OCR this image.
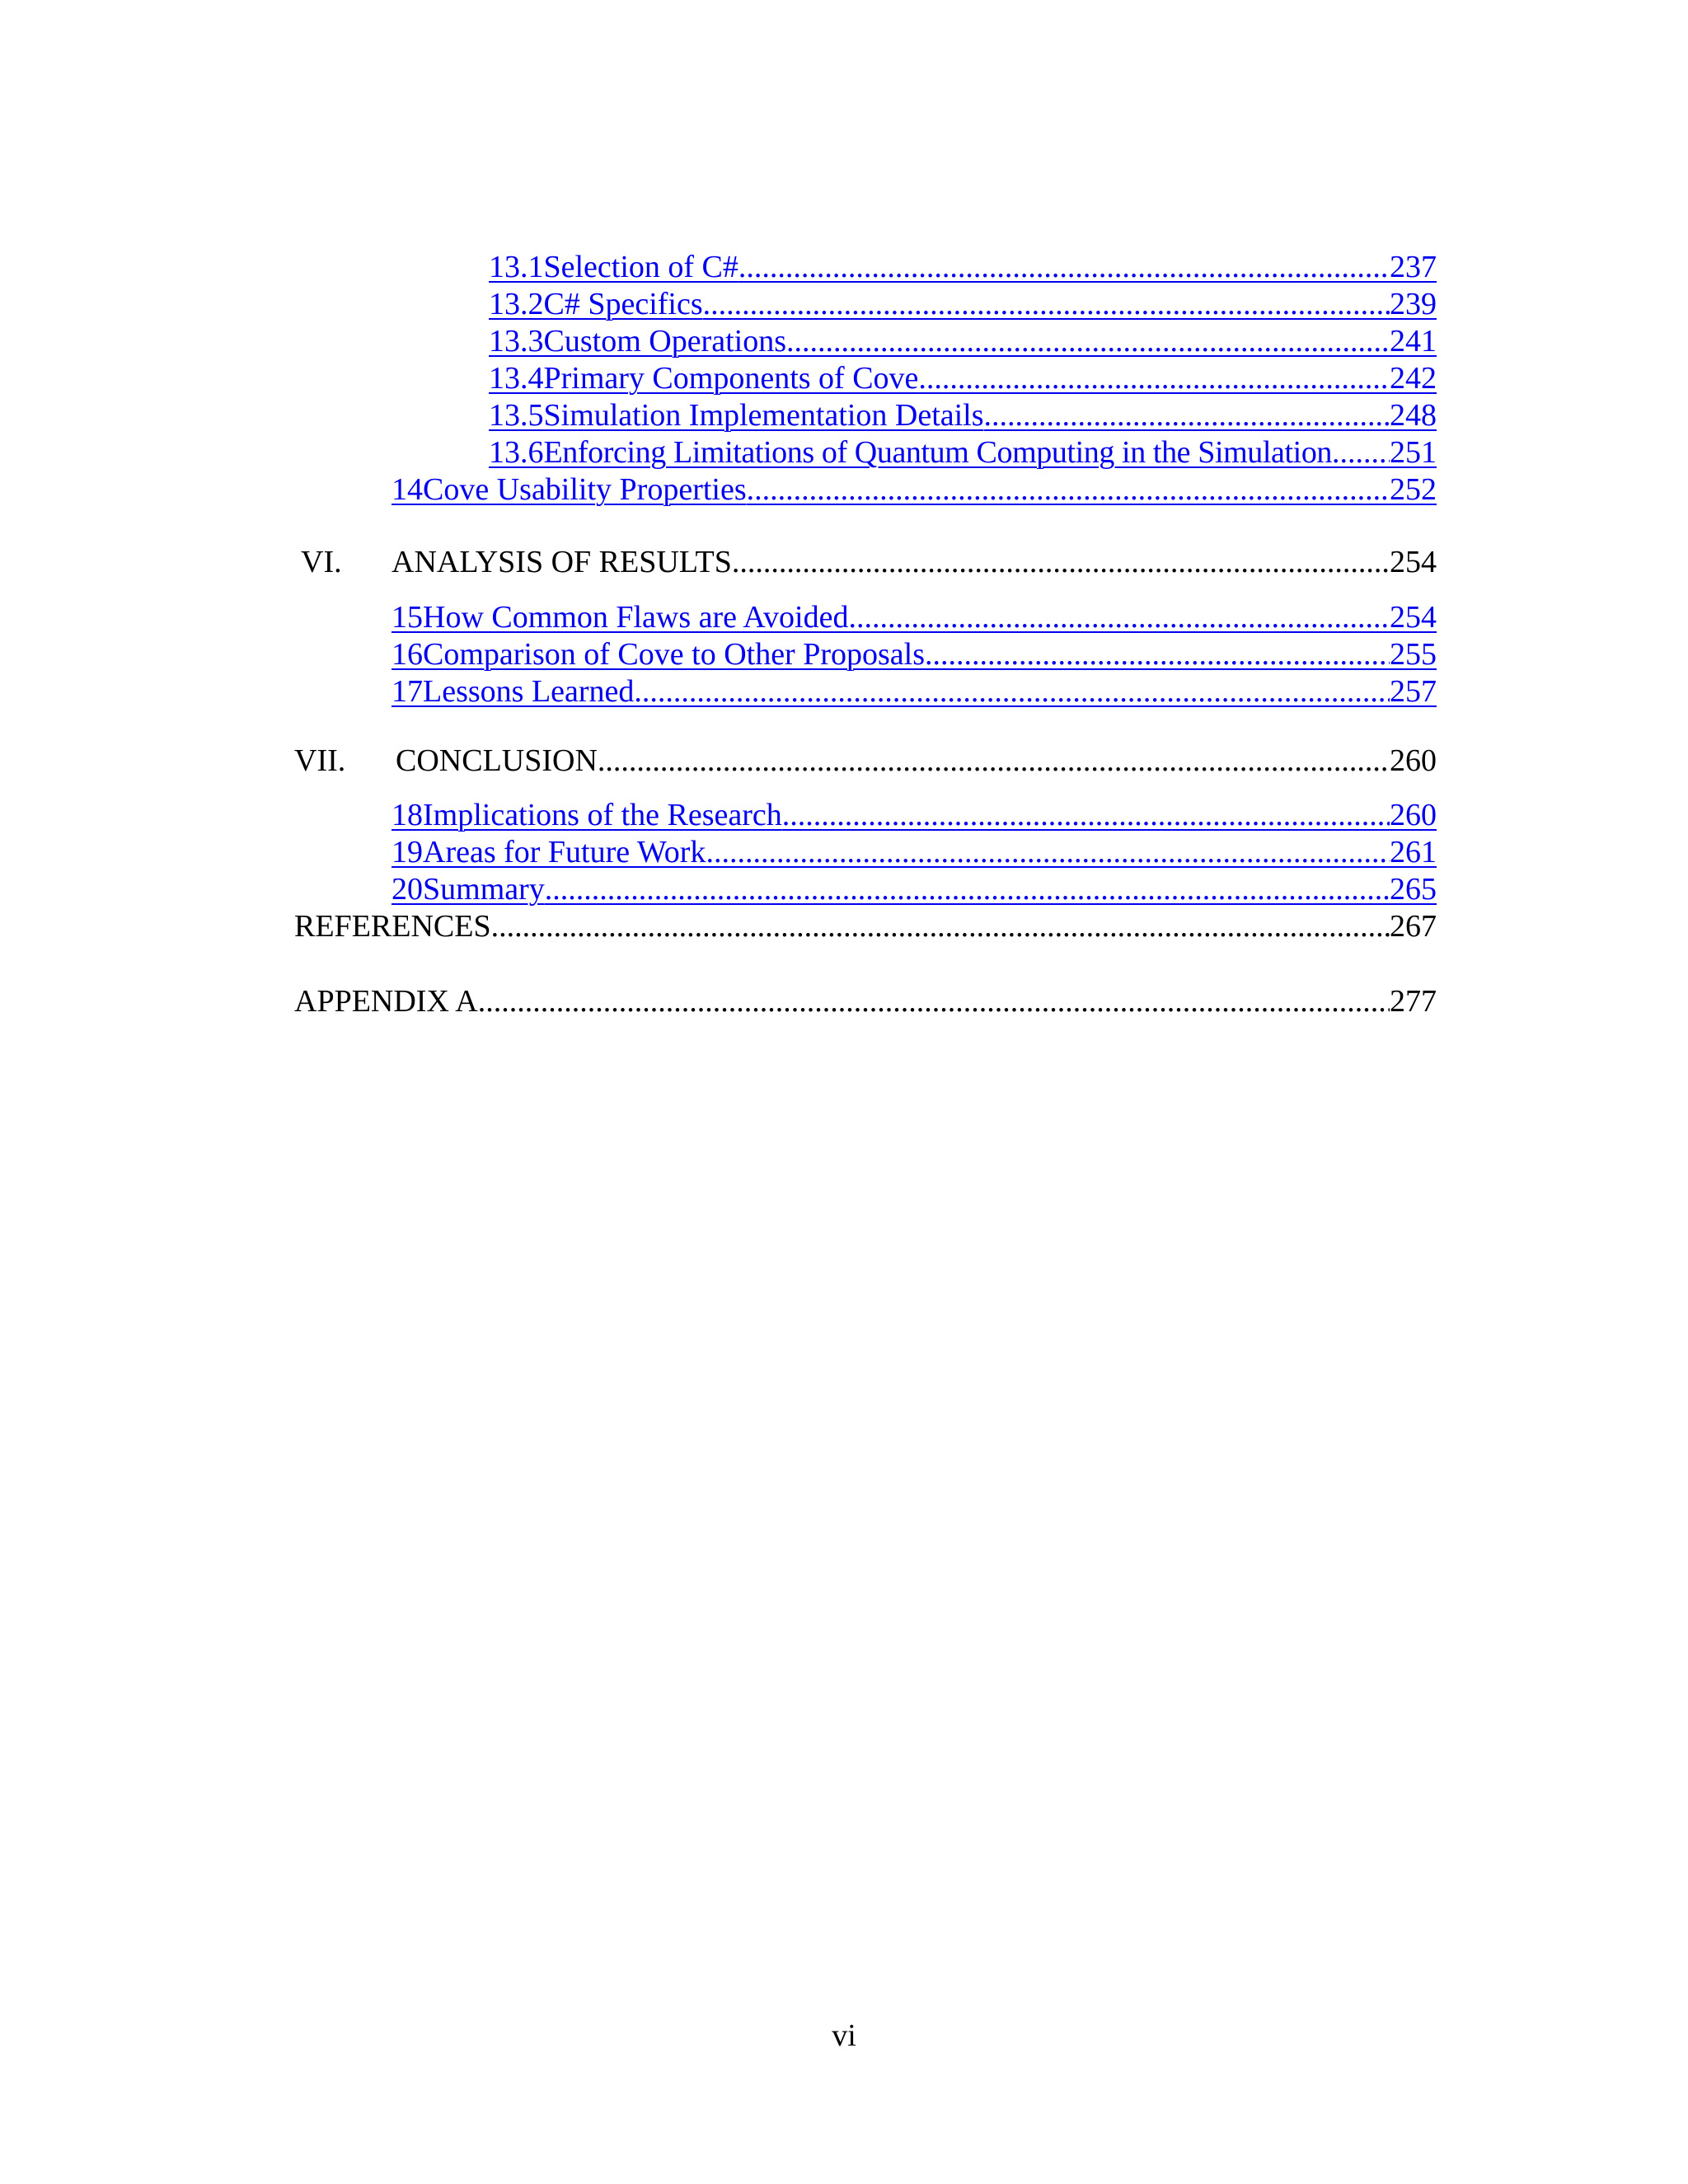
13.1 Selection of C# .....	237
13.2 C# Specifics .....	239
13.3 Custom Operations .....	241
13.4 Primary Components of Cove .....	242
13.5 Simulation Implementation Details .....	248
13.6 Enforcing Limitations of Quantum Computing in the Simulation ..... 251
14 Cove Usability Properties .....	252
VI. ANALYSIS OF RESULTS .....	254
15 How Common Flaws are Avoided .....	254
16 Comparison of Cove to Other Proposals .....	255
17 Lessons Learned .....	257
VII. CONCLUSION .....	260
18 Implications of the Research .....	260
19 Areas for Future Work .....	261
20 Summary .....	265
REFERENCES .....	267
APPENDIX A .....	277
vi
